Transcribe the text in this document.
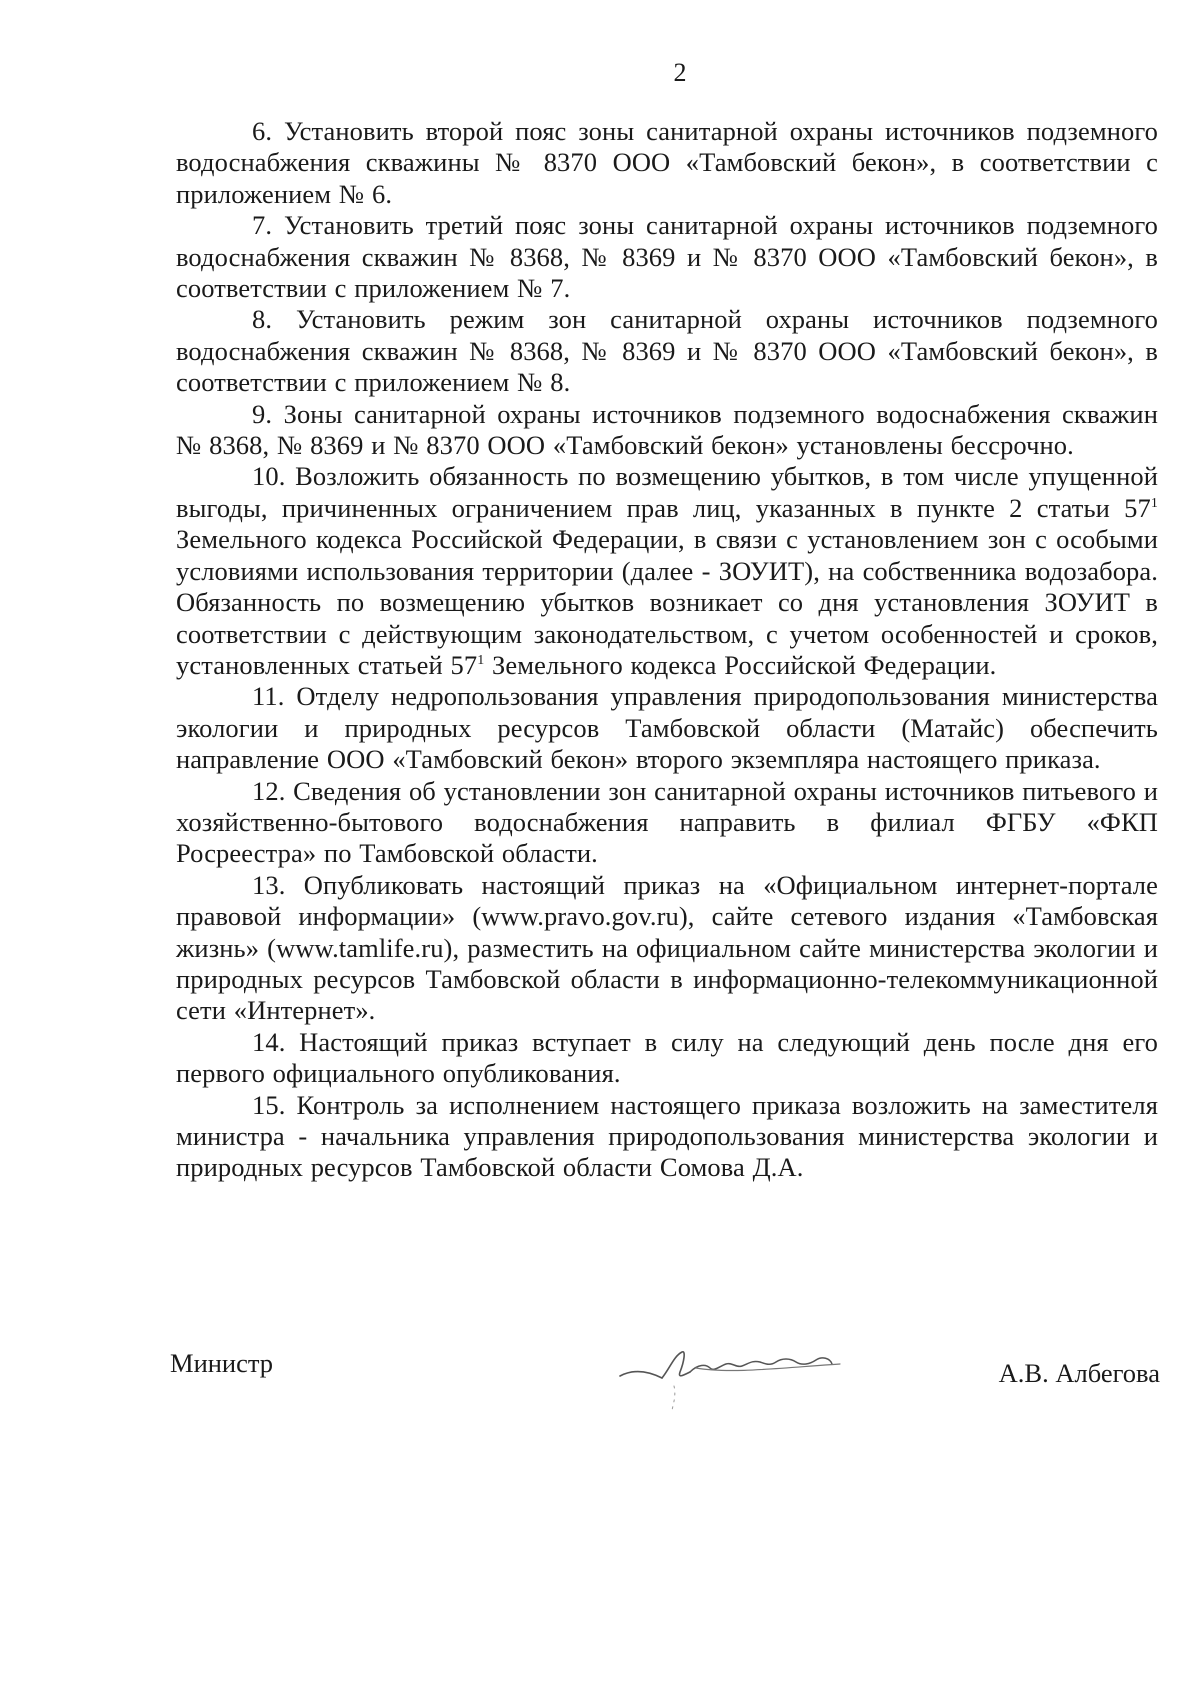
2

6. Установить второй пояс зоны санитарной охраны источников подземного водоснабжения скважины № 8370 ООО «Тамбовский бекон», в соответствии с приложением № 6.

7. Установить третий пояс зоны санитарной охраны источников подземного водоснабжения скважин № 8368, № 8369 и № 8370 ООО «Тамбовский бекон», в соответствии с приложением № 7.

8. Установить режим зон санитарной охраны источников подземного водоснабжения скважин № 8368, № 8369 и № 8370 ООО «Тамбовский бекон», в соответствии с приложением № 8.

9. Зоны санитарной охраны источников подземного водоснабжения скважин № 8368, № 8369 и № 8370 ООО «Тамбовский бекон» установлены бессрочно.

10. Возложить обязанность по возмещению убытков, в том числе упущенной выгоды, причиненных ограничением прав лиц, указанных в пункте 2 статьи $57^1$ Земельного кодекса Российской Федерации, в связи с установлением зон с особыми условиями использования территории (далее - ЗОУИТ), на собственника водозабора. Обязанность по возмещению убытков возникает со дня установления ЗОУИТ в соответствии с действующим законодательством, с учетом особенностей и сроков, установленных статьей $57^1$ Земельного кодекса Российской Федерации.

11. Отделу недропользования управления природопользования министерства экологии и природных ресурсов Тамбовской области (Матайс) обеспечить направление ООО «Тамбовский бекон» второго экземпляра настоящего приказа.

12. Сведения об установлении зон санитарной охраны источников питьевого и хозяйственно-бытового водоснабжения направить в филиал ФГБУ «ФКП Росреестра» по Тамбовской области.

13. Опубликовать настоящий приказ на «Официальном интернет-портале правовой информации» (www.pravo.gov.ru), сайте сетевого издания «Тамбовская жизнь» (www.tamlife.ru), разместить на официальном сайте министерства экологии и природных ресурсов Тамбовской области в информационно-телекоммуникационной сети «Интернет».

14. Настоящий приказ вступает в силу на следующий день после дня его первого официального опубликования.

15. Контроль за исполнением настоящего приказа возложить на заместителя министра - начальника управления природопользования министерства экологии и природных ресурсов Тамбовской области Сомова Д.А.

Министр	А.В. Албегова
